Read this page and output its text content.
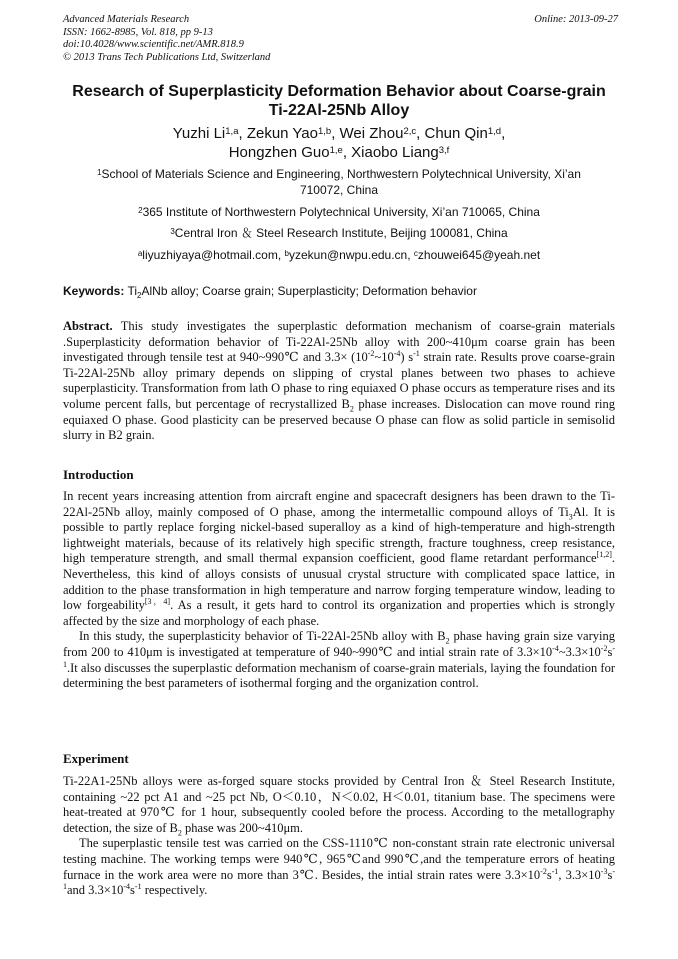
Advanced Materials Research
ISSN: 1662-8985, Vol. 818, pp 9-13
doi:10.4028/www.scientific.net/AMR.818.9
© 2013 Trans Tech Publications Ltd, Switzerland
Online: 2013-09-27
Research of Superplasticity Deformation Behavior about Coarse-grain
Ti-22Al-25Nb Alloy
Yuzhi Li$^{1,a}$, Zekun Yao$^{1,b}$, Wei Zhou$^{2,c}$, Chun Qin$^{1,d}$,
Hongzhen Guo$^{1,e}$, Xiaobo Liang$^{3,f}$
$^1$School of Materials Science and Engineering, Northwestern Polytechnical University, Xi’an
710072, China
$^2$365 Institute of Northwestern Polytechnical University, Xi’an 710065, China
$^3$Central Iron ＆ Steel Research Institute, Beijing 100081, China
$^a$liyuzhiyaya@hotmail.com, $^b$yzekun@nwpu.edu.cn, $^c$zhouwei645@yeah.net
Keywords: $Ti_2AlNb$ alloy; Coarse grain; Superplasticity; Deformation behavior

Abstract. This study investigates the superplastic deformation mechanism of coarse-grain materials .Superplasticity deformation behavior of Ti-22Al-25Nb alloy with 200~410μm coarse grain has been investigated through tensile test at 940~990℃ and $3.3\times (10^{-2}\sim 10^{-4})$ $s^{-1}$ strain rate. Results prove coarse-grain Ti-22Al-25Nb alloy primary depends on slipping of crystal planes between two phases to achieve superplasticity. Transformation from lath O phase to ring equiaxed O phase occurs as temperature rises and its volume percent falls, but percentage of recrystallized $B_2$ phase increases. Dislocation can move round ring equiaxed O phase. Good plasticity can be preserved because O phase can flow as solid particle in semisolid slurry in B2 grain.

Introduction

In recent years increasing attention from aircraft engine and spacecraft designers has been drawn to the Ti-22Al-25Nb alloy, mainly composed of O phase, among the intermetallic compound alloys of $Ti_3Al$. It is possible to partly replace forging nickel-based superalloy as a kind of high-temperature and high-strength lightweight materials, because of its relatively high specific strength, fracture toughness, creep resistance, high temperature strength, and small thermal expansion coefficient, good flame retardant performance[1,2]. Nevertheless, this kind of alloys consists of unusual crystal structure with complicated space lattice, in addition to the phase transformation in high temperature and narrow forging temperature window, leading to low forgeability[3，4]. As a result, it gets hard to control its organization and properties which is strongly affected by the size and morphology of each phase.

In this study, the superplasticity behavior of Ti-22Al-25Nb alloy with $B_2$ phase having grain size varying from 200 to 410μm is investigated at temperature of 940~990℃ and intial strain rate of $3.3\times 10^{-4}\sim 3.3\times 10^{-2}s^{-1}.It$ also discusses the superplastic deformation mechanism of coarse-grain materials, laying the foundation for determining the best parameters of isothermal forging and the organization control.

Experiment

Ti-22A1-25Nb alloys were as-forged square stocks provided by Central Iron ＆ Steel Research Institute, containing ~22 pct A1 and ~25 pct Nb, O＜0.10，N＜0.02, H＜0.01, titanium base. The specimens were heat-treated at 970℃ for 1 hour, subsequently cooled before the process. According to the metallography detection, the size of $B_2$ phase was 200~410μm.

The superplastic tensile test was carried on the CSS-1110℃ non-constant strain rate electronic universal testing machine. The working temps were 940℃, 965℃and 990℃,and the temperature errors of heating furnace in the work area were no more than 3℃. Besides, the intial strain rates were $3.3\times 10^{-2}s^{-1}$, $3.3\times 10^{-3}s^{-1}and$ $3.3\times 10^{-4}s^{-1}$ respectively.
